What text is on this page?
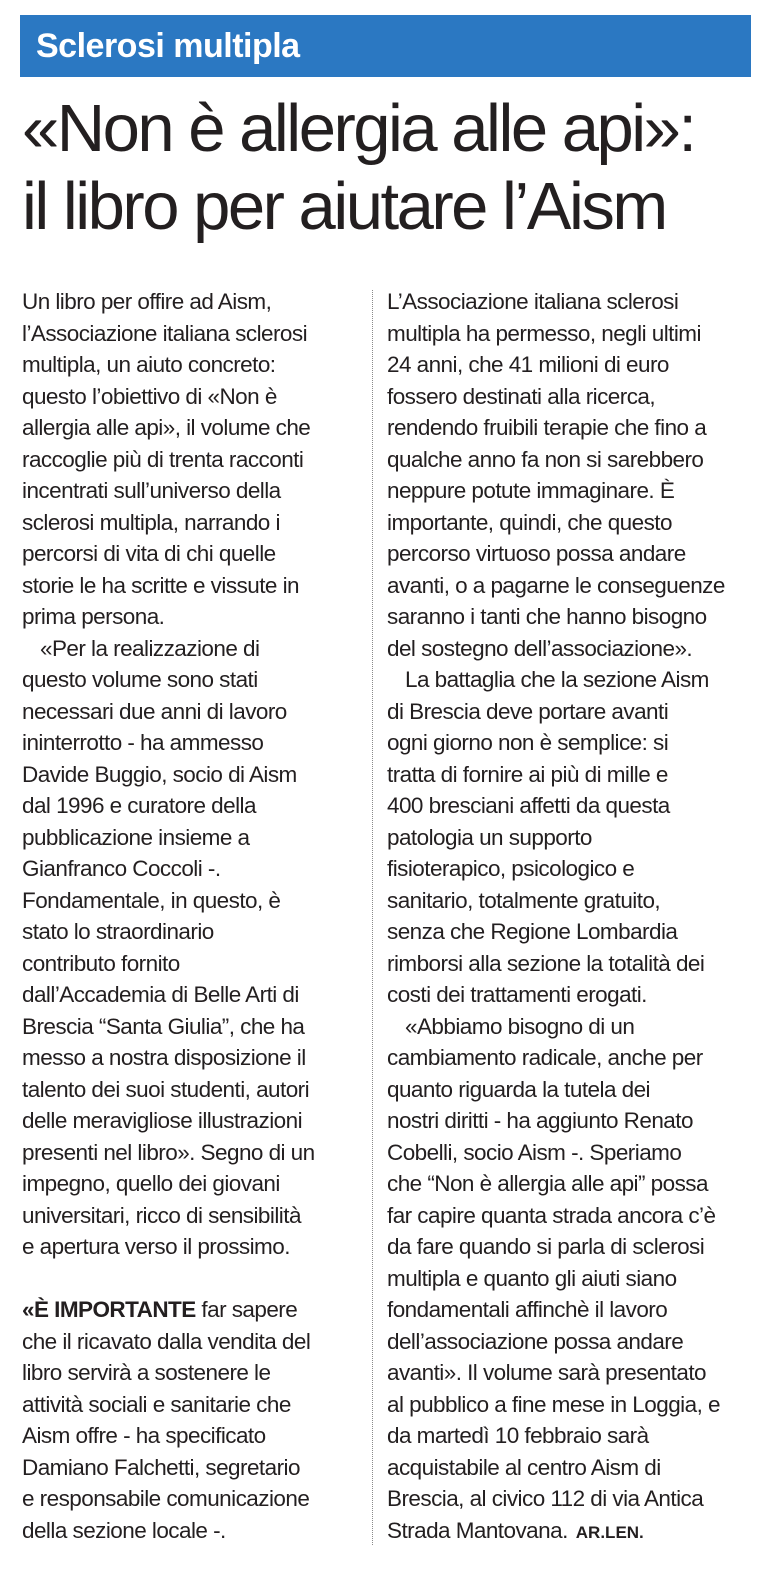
Sclerosi multipla
«Non è allergia alle api»:
il libro per aiutare l’Aism
Un libro per offire ad Aism,
l’Associazione italiana sclerosi
multipla, un aiuto concreto:
questo l’obiettivo di «Non è
allergia alle api», il volume che
raccoglie più di trenta racconti
incentrati sull’universo della
sclerosi multipla, narrando i
percorsi di vita di chi quelle
storie le ha scritte e vissute in
prima persona.
«Per la realizzazione di
questo volume sono stati
necessari due anni di lavoro
ininterrotto - ha ammesso
Davide Buggio, socio di Aism
dal 1996 e curatore della
pubblicazione insieme a
Gianfranco Coccoli -.
Fondamentale, in questo, è
stato lo straordinario
contributo fornito
dall’Accademia di Belle Arti di
Brescia “Santa Giulia”, che ha
messo a nostra disposizione il
talento dei suoi studenti, autori
delle meravigliose illustrazioni
presenti nel libro». Segno di un
impegno, quello dei giovani
universitari, ricco di sensibilità
e apertura verso il prossimo.
«È IMPORTANTE far sapere
che il ricavato dalla vendita del
libro servirà a sostenere le
attività sociali e sanitarie che
Aism offre - ha specificato
Damiano Falchetti, segretario
e responsabile comunicazione
della sezione locale -.
L’Associazione italiana sclerosi
multipla ha permesso, negli ultimi
24 anni, che 41 milioni di euro
fossero destinati alla ricerca,
rendendo fruibili terapie che fino a
qualche anno fa non si sarebbero
neppure potute immaginare. È
importante, quindi, che questo
percorso virtuoso possa andare
avanti, o a pagarne le conseguenze
saranno i tanti che hanno bisogno
del sostegno dell’associazione».
La battaglia che la sezione Aism
di Brescia deve portare avanti
ogni giorno non è semplice: si
tratta di fornire ai più di mille e
400 bresciani affetti da questa
patologia un supporto
fisioterapico, psicologico e
sanitario, totalmente gratuito,
senza che Regione Lombardia
rimborsi alla sezione la totalità dei
costi dei trattamenti erogati.
«Abbiamo bisogno di un
cambiamento radicale, anche per
quanto riguarda la tutela dei
nostri diritti - ha aggiunto Renato
Cobelli, socio Aism -. Speriamo
che “Non è allergia alle api” possa
far capire quanta strada ancora c’è
da fare quando si parla di sclerosi
multipla e quanto gli aiuti siano
fondamentali affinchè il lavoro
dell’associazione possa andare
avanti». Il volume sarà presentato
al pubblico a fine mese in Loggia, e
da martedì 10 febbraio sarà
acquistabile al centro Aism di
Brescia, al civico 112 di via Antica
Strada Mantovana. AR.LEN.
